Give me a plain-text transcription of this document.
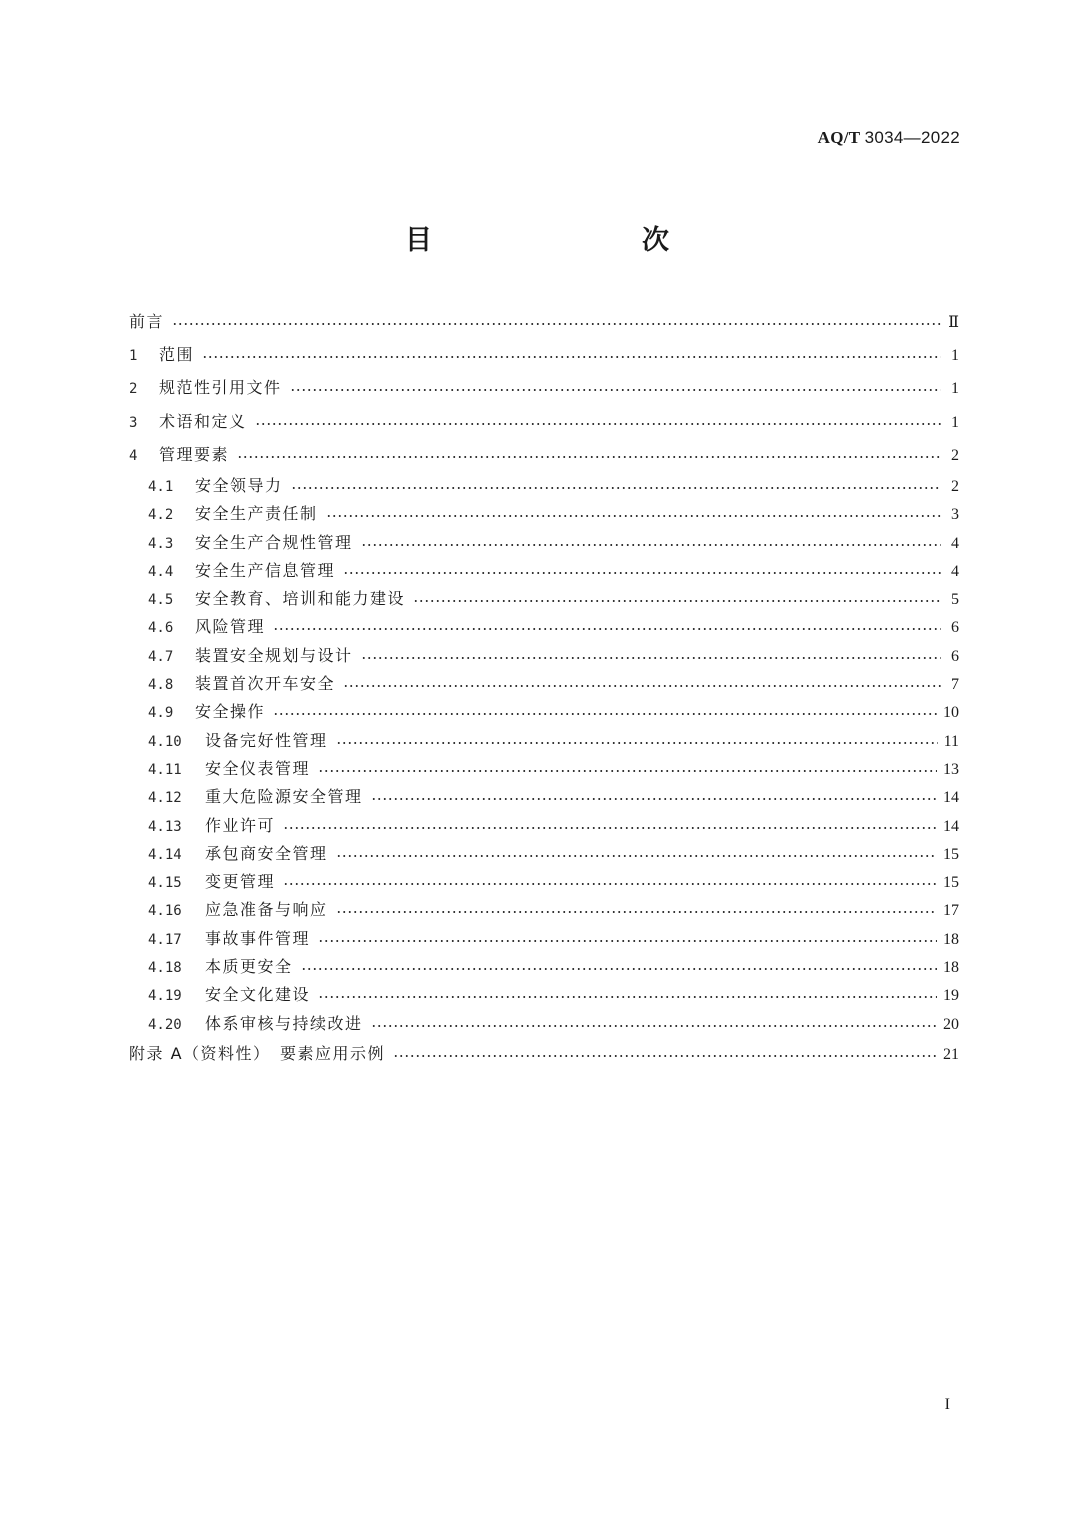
AQ/T 3034—2022
目　　次
前言	Ⅱ
1	范围	1
2	规范性引用文件	1
3	术语和定义	1
4	管理要素	2
4.1	安全领导力	2
4.2	安全生产责任制	3
4.3	安全生产合规性管理	4
4.4	安全生产信息管理	4
4.5	安全教育、培训和能力建设	5
4.6	风险管理	6
4.7	装置安全规划与设计	6
4.8	装置首次开车安全	7
4.9	安全操作	10
4.10	设备完好性管理	11
4.11	安全仪表管理	13
4.12	重大危险源安全管理	14
4.13	作业许可	14
4.14	承包商安全管理	15
4.15	变更管理	15
4.16	应急准备与响应	17
4.17	事故事件管理	18
4.18	本质更安全	18
4.19	安全文化建设	19
4.20	体系审核与持续改进	20
附录 A（资料性）　要素应用示例	21
I
